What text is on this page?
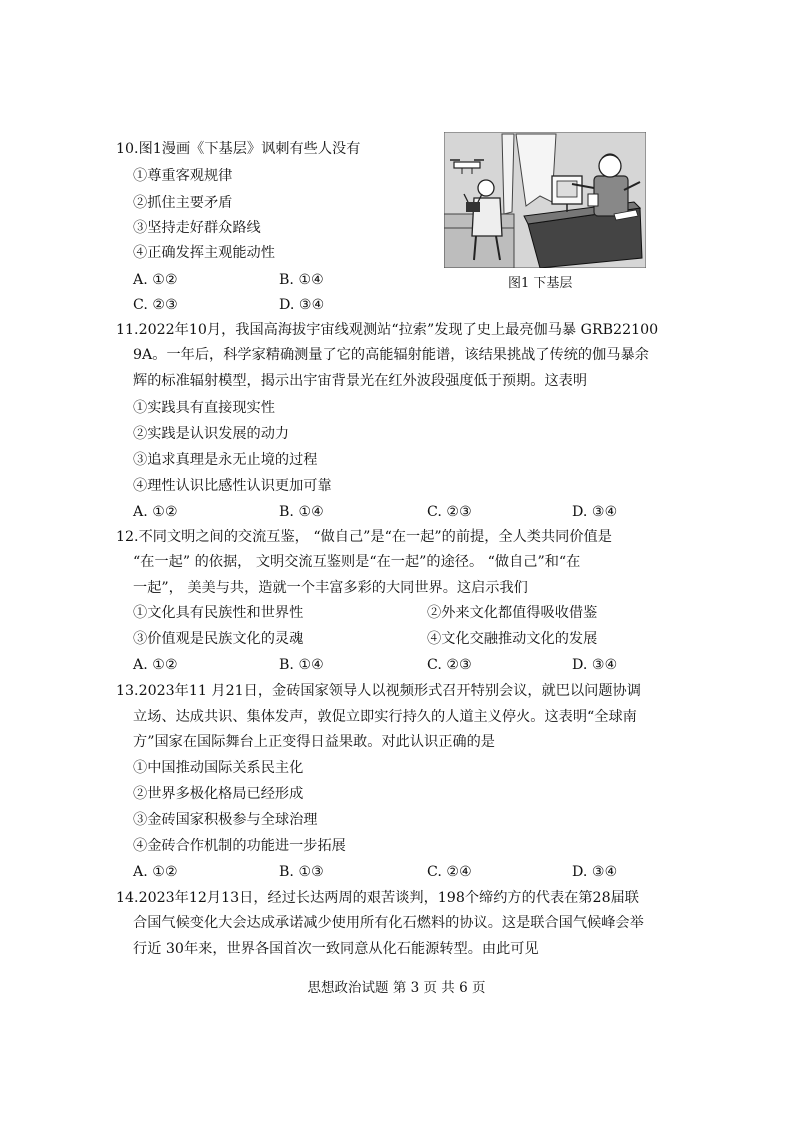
10.图1漫画《下基层》讽刺有些人没有
①尊重客观规律
②抓住主要矛盾
③坚持走好群众路线
④正确发挥主观能动性
A. ①②	B. ①④
C. ②③	D. ③④
图1 下基层
11.2022年10月，我国高海拔宇宙线观测站“拉索”发现了史上最亮伽马暴 GRB22100
9A。一年后，科学家精确测量了它的高能辐射能谱，该结果挑战了传统的伽马暴余
辉的标准辐射模型，揭示出宇宙背景光在红外波段强度低于预期。这表明
①实践具有直接现实性
②实践是认识发展的动力
③追求真理是永无止境的过程
④理性认识比感性认识更加可靠
A. ①②	B. ①④	C. ②③	D. ③④
12.不同文明之间的交流互鉴， “做自己”是“在一起”的前提，全人类共同价值是
“在一起” 的依据， 文明交流互鉴则是“在一起”的途径。 “做自己”和“在
一起”， 美美与共，造就一个丰富多彩的大同世界。这启示我们
①文化具有民族性和世界性	②外来文化都值得吸收借鉴
③价值观是民族文化的灵魂	④文化交融推动文化的发展
A. ①②	B. ①④	C. ②③	D. ③④
13.2023年11 月21日，金砖国家领导人以视频形式召开特别会议，就巴以问题协调
立场、达成共识、集体发声，敦促立即实行持久的人道主义停火。这表明“全球南
方”国家在国际舞台上正变得日益果敢。对此认识正确的是
①中国推动国际关系民主化
②世界多极化格局已经形成
③金砖国家积极参与全球治理
④金砖合作机制的功能进一步拓展
A. ①②	B. ①③	C. ②④	D. ③④
14.2023年12月13日，经过长达两周的艰苦谈判，198个缔约方的代表在第28届联
合国气候变化大会达成承诺减少使用所有化石燃料的协议。这是联合国气候峰会举
行近 30年来，世界各国首次一致同意从化石能源转型。由此可见
思想政治试题 第 3 页 共 6 页
